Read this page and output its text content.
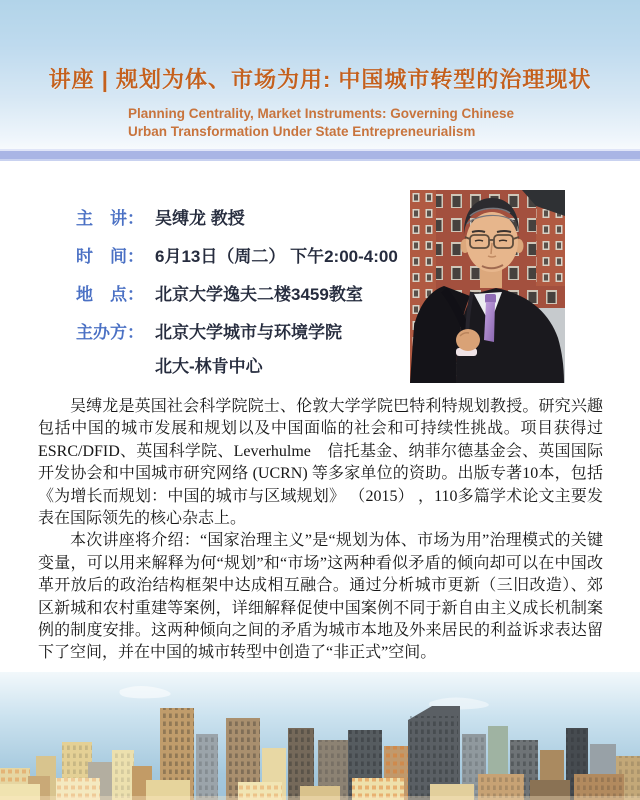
讲座 | 规划为体、市场为用: 中国城市转型的治理现状
Planning Centrality, Market Instruments: Governing Chinese
Urban Transformation Under State Entrepreneurialism
主　讲： 吴缚龙 教授
时　间： 6月13日（周二） 下午2:00-4:00
地　点： 北京大学逸夫二楼3459教室
主办方： 北京大学城市与环境学院
北大-林肯中心

吴缚龙是英国社会科学院院士、伦敦大学学院巴特利特规划教授。研究兴趣包括中国的城市发展和规划以及中国面临的社会和可持续性挑战。项目获得过ESRC/DFID、英国科学院、Leverhulme　信托基金、纳菲尔德基金会、英国国际开发协会和中国城市研究网络 (UCRN) 等多家单位的资助。出版专著10本，包括《为增长而规划：中国的城市与区域规划》 （2015） ，110多篇学术论文主要发表在国际领先的核心杂志上。

本次讲座将介绍：“国家治理主义”是“规划为体、市场为用”治理模式的关键变量，可以用来解释为何“规划”和“市场”这两种看似矛盾的倾向却可以在中国改革开放后的政治结构框架中达成相互融合。通过分析城市更新（三旧改造）、郊区新城和农村重建等案例，详细解释促使中国案例不同于新自由主义成长机制案例的制度安排。这两种倾向之间的矛盾为城市本地及外来居民的利益诉求表达留下了空间，并在中国的城市转型中创造了“非正式”空间。
